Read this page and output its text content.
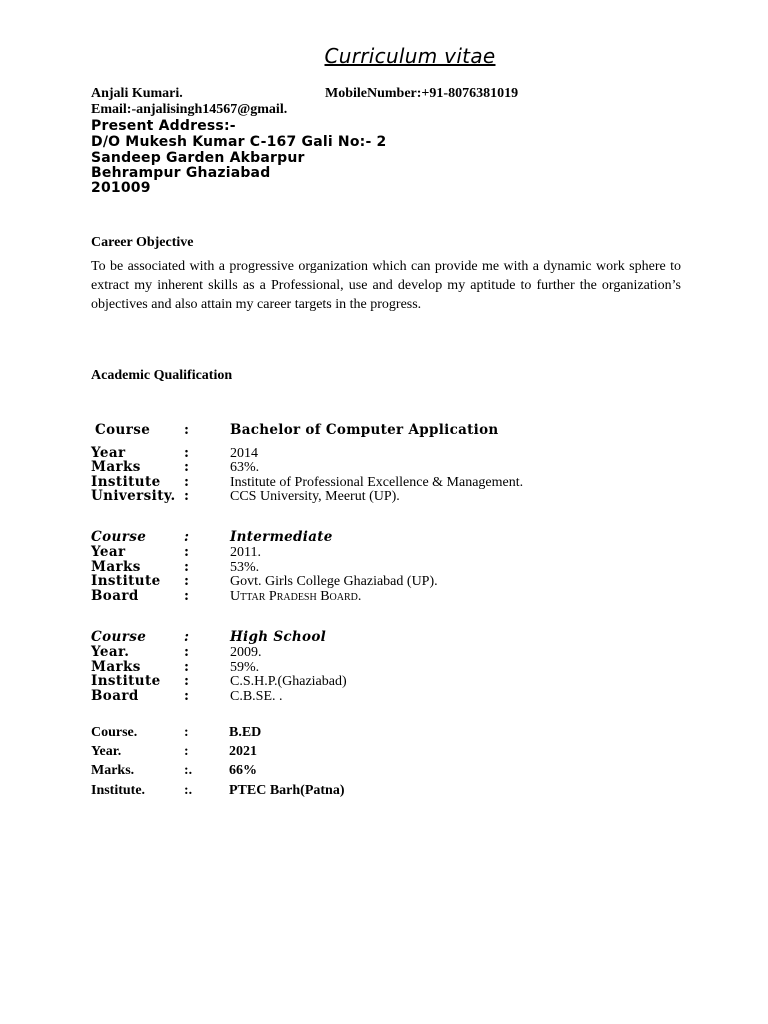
Curriculum vitae
Anjali Kumari.	MobileNumber:+91-8076381019
Email:-anjalisingh14567@gmail.
Present Address:-
D/O Mukesh Kumar C-167 Gali No:- 2
Sandeep Garden Akbarpur
Behrampur Ghaziabad
201009
Career Objective
To be associated with a progressive organization which can provide me with a dynamic work sphere to extract my inherent skills as a Professional, use and develop my aptitude to further the organization’s objectives and also attain my career targets in the progress.
Academic Qualification
Course :	Bachelor of Computer Application
Year	:	2014
Marks	:	63%.
Institute :	Institute of Professional Excellence & Management.
University. :	CCS University, Meerut (UP).
Course	:	Intermediate
Year	:	2011.
Marks	:	53%.
Institute :	Govt. Girls College Ghaziabad (UP).
Board	:	Uttar Pradesh Board.
Course	:	High School
Year.	:	2009.
Marks	:	59%.
Institute :	C.S.H.P.(Ghaziabad)
Board	:	C.B.SE. .
Course.	:	B.ED
Year.	:	2021
Marks.	:.	66%
Institute.	:.	PTEC Barh(Patna)
